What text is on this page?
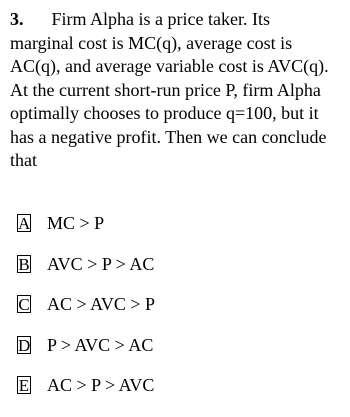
3. Firm Alpha is a price taker. Its
marginal cost is MC(q), average cost is
AC(q), and average variable cost is AVC(q).
At the current short-run price P, firm Alpha
optimally chooses to produce q=100, but it
has a negative profit. Then we can conclude
that
A MC > P
B AVC > P > AC
C AC > AVC > P
D P > AVC > AC
E AC > P > AVC
